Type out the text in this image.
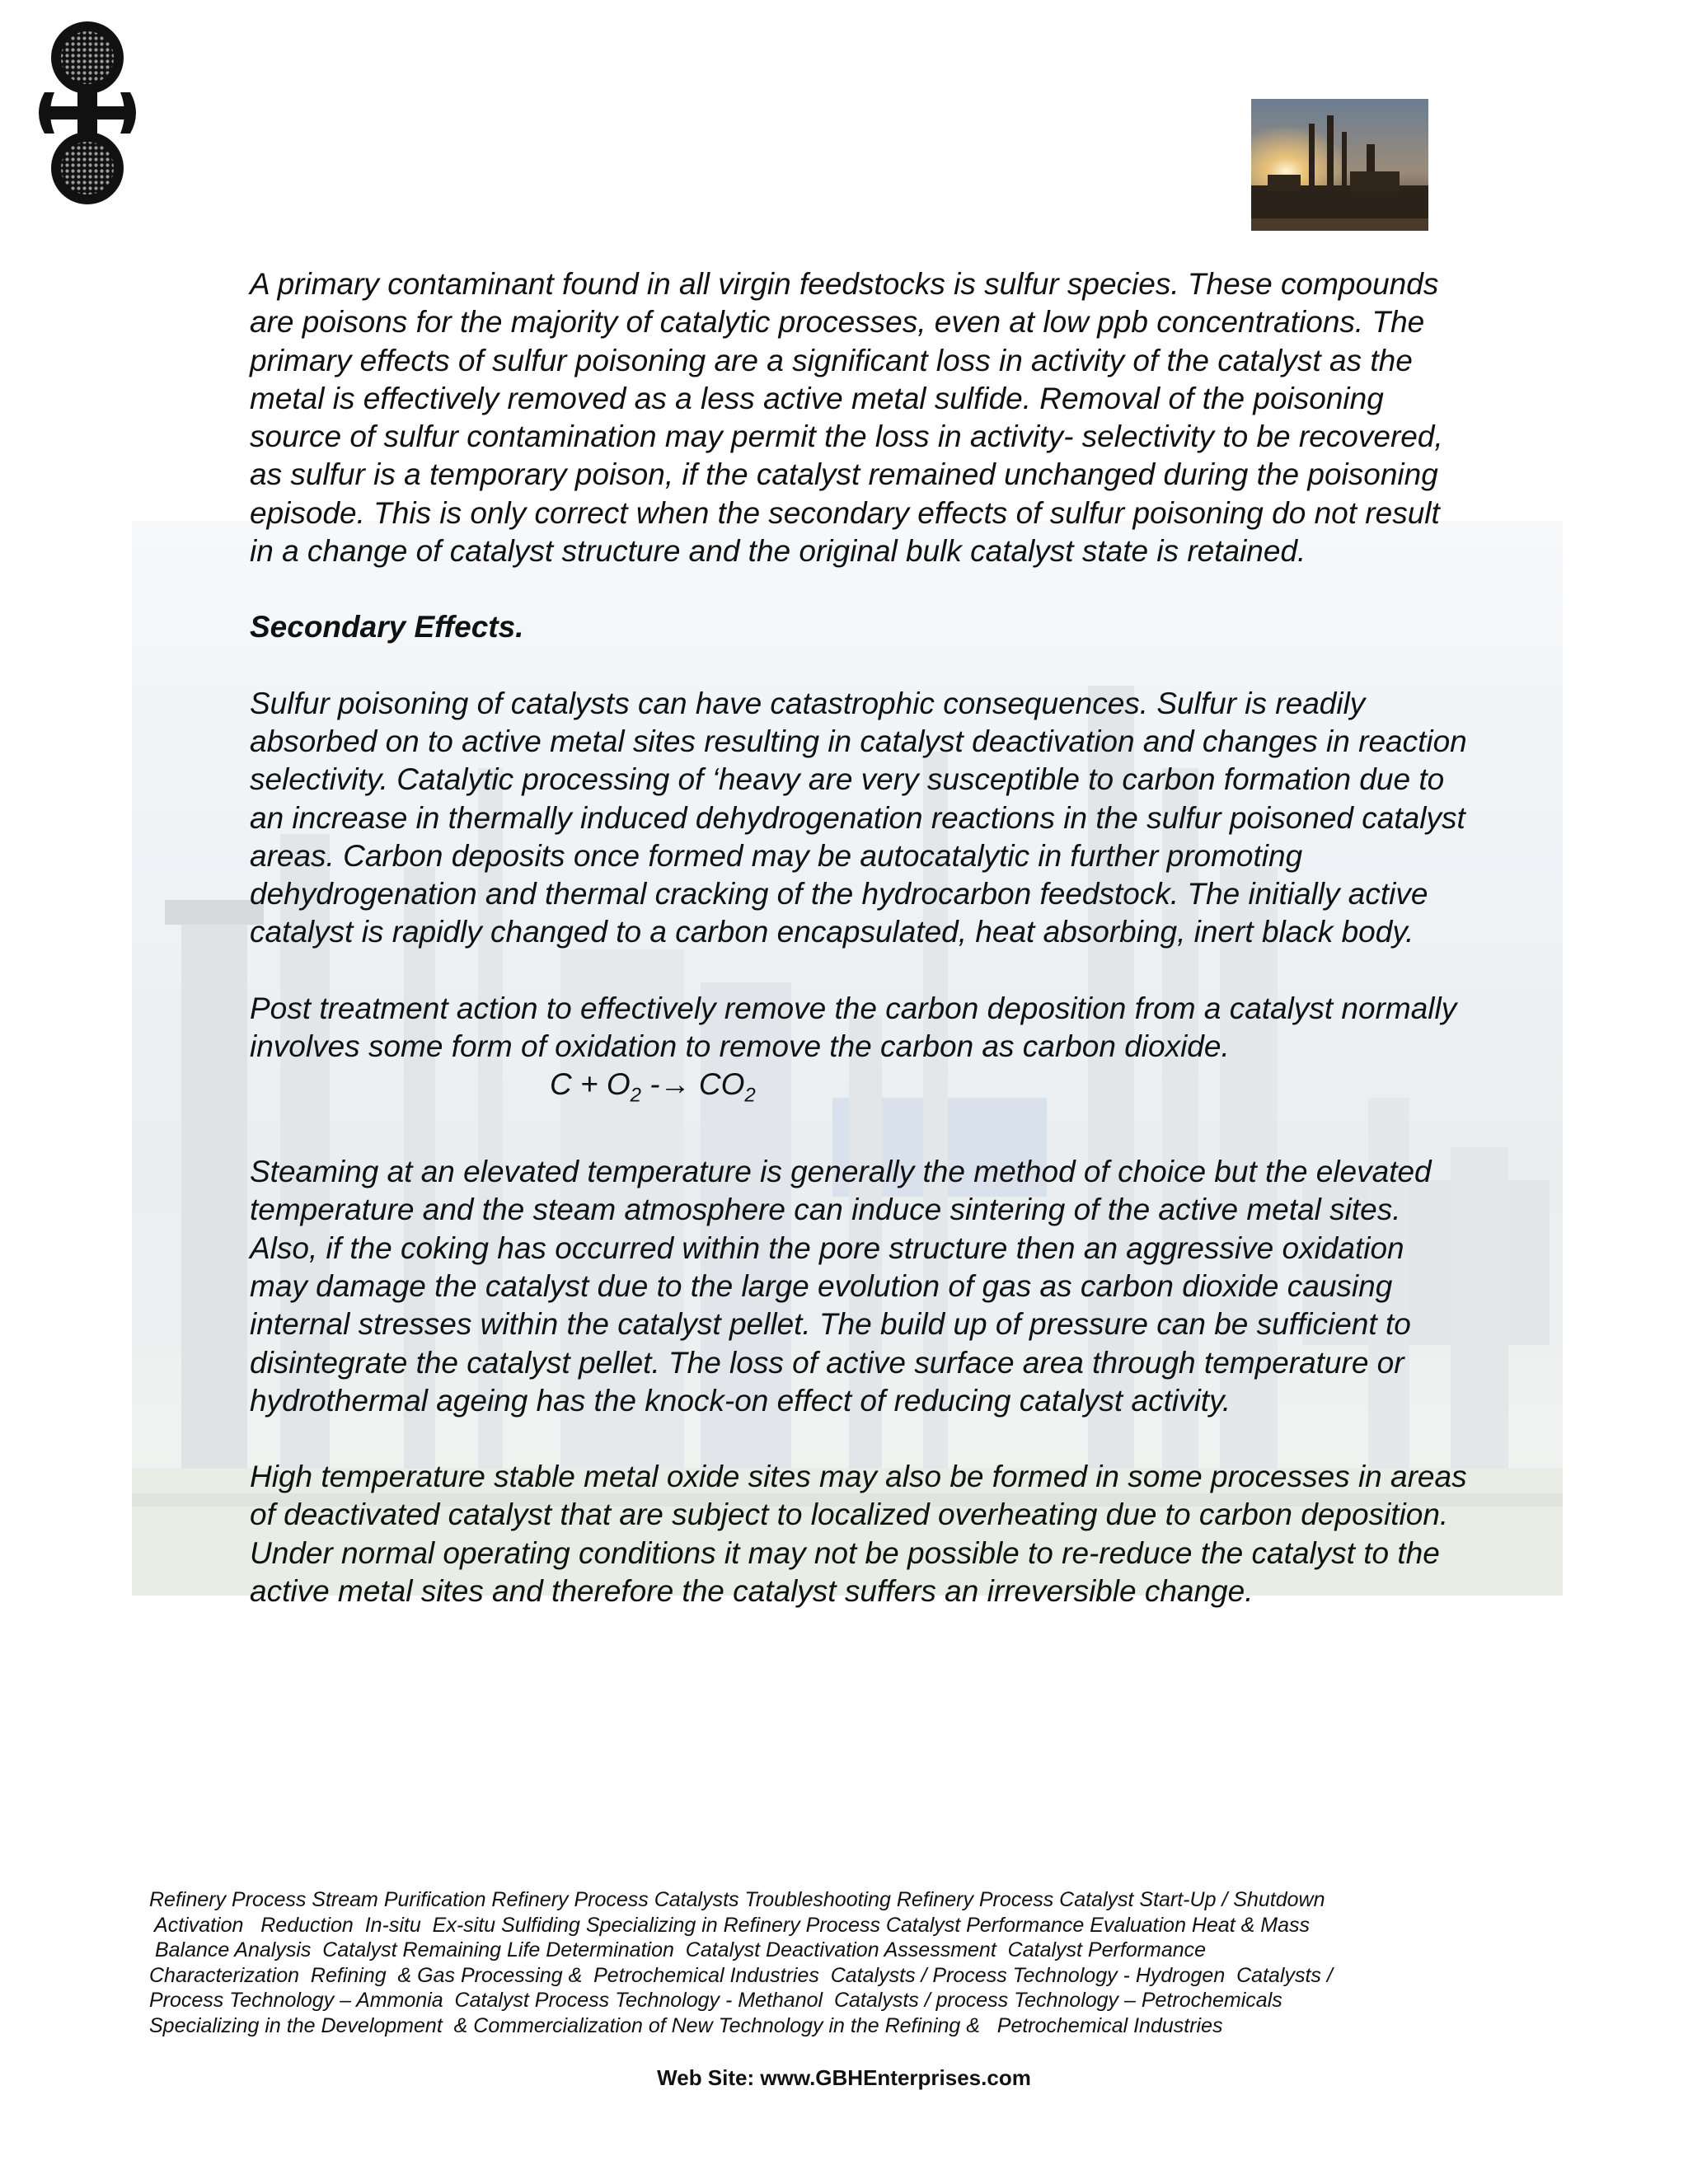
A primary contaminant found in all virgin feedstocks is sulfur species. These compounds are poisons for the majority of catalytic processes, even at low ppb concentrations. The primary effects of sulfur poisoning are a significant loss in activity of the catalyst as the metal is effectively removed as a less active metal sulfide. Removal of the poisoning source of sulfur contamination may permit the loss in activity- selectivity to be recovered, as sulfur is a temporary poison, if the catalyst remained unchanged during the poisoning episode. This is only correct when the secondary effects of sulfur poisoning do not result in a change of catalyst structure and the original bulk catalyst state is retained.

Secondary Effects.

Sulfur poisoning of catalysts can have catastrophic consequences. Sulfur is readily absorbed on to active metal sites resulting in catalyst deactivation and changes in reaction selectivity. Catalytic processing of ‘heavy are very susceptible to carbon formation due to an increase in thermally induced dehydrogenation reactions in the sulfur poisoned catalyst areas. Carbon deposits once formed may be autocatalytic in further promoting dehydrogenation and thermal cracking of the hydrocarbon feedstock. The initially active catalyst is rapidly changed to a carbon encapsulated, heat absorbing, inert black body.

Post treatment action to effectively remove the carbon deposition from a catalyst normally involves some form of oxidation to remove the carbon as carbon dioxide.

$C + O_2 -\to CO_2$

Steaming at an elevated temperature is generally the method of choice but the elevated temperature and the steam atmosphere can induce sintering of the active metal sites. Also, if the coking has occurred within the pore structure then an aggressive oxidation may damage the catalyst due to the large evolution of gas as carbon dioxide causing internal stresses within the catalyst pellet. The build up of pressure can be sufficient to disintegrate the catalyst pellet. The loss of active surface area through temperature or hydrothermal ageing has the knock-on effect of reducing catalyst activity.

High temperature stable metal oxide sites may also be formed in some processes in areas of deactivated catalyst that are subject to localized overheating due to carbon deposition. Under normal operating conditions it may not be possible to re-reduce the catalyst to the active metal sites and therefore the catalyst suffers an irreversible change.

Refinery Process Stream Purification Refinery Process Catalysts Troubleshooting Refinery Process Catalyst Start-Up / Shutdown

Activation   Reduction  In-situ  Ex-situ Sulfiding Specializing in Refinery Process Catalyst Performance Evaluation Heat & Mass

Balance Analysis  Catalyst Remaining Life Determination  Catalyst Deactivation Assessment  Catalyst Performance

Characterization  Refining  & Gas Processing &  Petrochemical Industries  Catalysts / Process Technology - Hydrogen  Catalysts /

Process Technology – Ammonia  Catalyst Process Technology - Methanol  Catalysts / process Technology – Petrochemicals

Specializing in the Development  & Commercialization of New Technology in the Refining &   Petrochemical Industries

Web Site: www.GBHEnterprises.com
